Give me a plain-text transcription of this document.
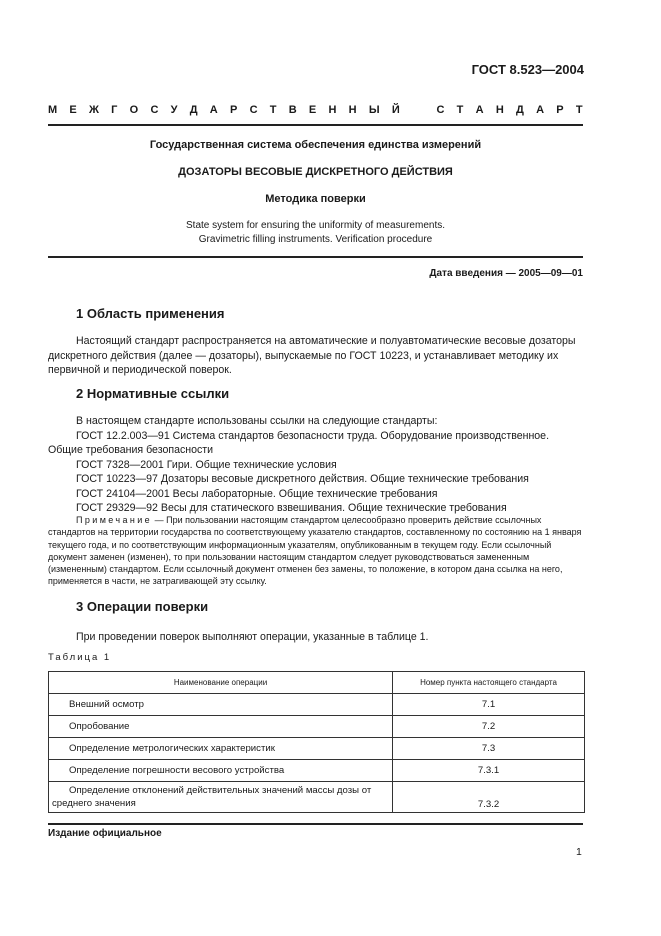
ГОСТ 8.523—2004
М Е Ж Г О С У Д А Р С Т В Е Н Н Ы Й	С Т А Н Д А Р Т
Государственная система обеспечения единства измерений
ДОЗАТОРЫ ВЕСОВЫЕ ДИСКРЕТНОГО ДЕЙСТВИЯ
Методика поверки
State system for ensuring the uniformity of measurements.
Gravimetric filling instruments. Verification procedure
Дата введения — 2005—09—01
1 Область применения

Настоящий стандарт распространяется на автоматические и полуавтоматические весовые дозаторы дискретного действия (далее — дозаторы), выпускаемые по ГОСТ 10223, и устанавливает методику их первичной и периодической поверок.

2 Нормативные ссылки

В настоящем стандарте использованы ссылки на следующие стандарты:

ГОСТ 12.2.003—91 Система стандартов безопасности труда. Оборудование производственное. Общие требования безопасности

ГОСТ 7328—2001 Гири. Общие технические условия

ГОСТ 10223—97 Дозаторы весовые дискретного действия. Общие технические требования

ГОСТ 24104—2001 Весы лабораторные. Общие технические требования

ГОСТ 29329—92 Весы для статического взвешивания. Общие технические требования

Примечание — При пользовании настоящим стандартом целесообразно проверить действие ссылочных стандартов на территории государства по соответствующему указателю стандартов, составленному по состоянию на 1 января текущего года, и по соответствующим информационным указателям, опубликованным в текущем году. Если ссылочный документ заменен (изменен), то при пользовании настоящим стандартом следует руководствоваться замененным (измененным) стандартом. Если ссылочный документ отменен без замены, то положение, в котором дана ссылка на него, применяется в части, не затрагивающей эту ссылку.

3 Операции поверки

При проведении поверок выполняют операции, указанные в таблице 1.

Таблица 1
Наименование операции	Номер пункта настоящего стандарта
Внешний осмотр	7.1
Опробование	7.2
Определение метрологических характеристик	7.3
Определение погрешности весового устройства	7.3.1
Определение отклонений действительных значений массы дозы от среднего значения	7.3.2
Издание официальное
1
